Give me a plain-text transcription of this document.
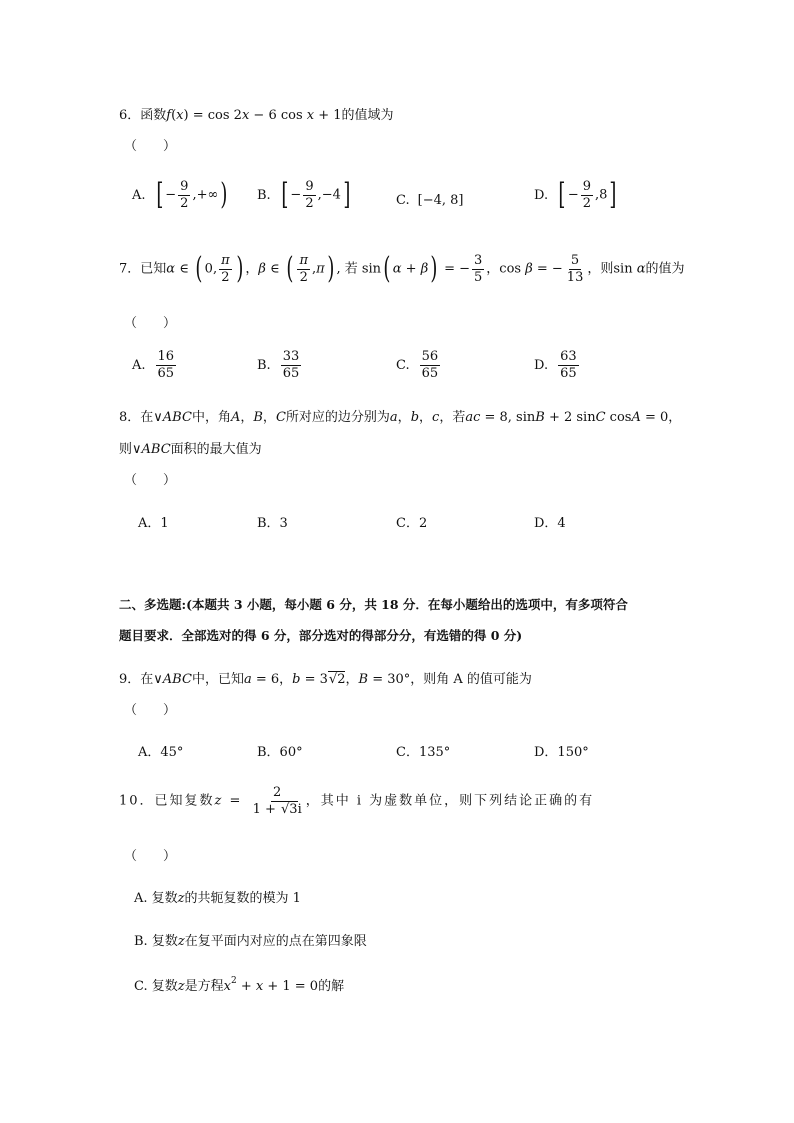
6．函数f(x) = cos 2x − 6 cos x + 1的值域为
（　　）
A. [ − $\frac{9}{2}$ ,+∞) B. [ − $\frac{9}{2} ,-4$]	C. [−4, 8]	D. [ − $\frac{9}{2} ,8$]
7．已知α ∈ ( 0, $\frac{\pi}{2}$ ) ，β ∈ ( $\frac{\pi}{2} ,\pi$) , 若 sin( α + β) = − $\frac{3}{5}$ ，cos β = − $\frac{5}{13}$ ，则sin α的值为
（　　）
A. $\frac{16}{65}$	B. $\frac{33}{65}$	C. $\frac{56}{65}$	D. $\frac{63}{65}$
8．在∨ABC中，角A，B，C所对应的边分别为a，b，c，若ac = 8, sinB + 2 sinC cosA = 0，
则∨ABC面积的最大值为
（　　）
A．1	B．3	C．2	D．4
二、多选题:(本题共 3 小题，每小题 6 分，共 18 分．在每小题给出的选项中，有多项符合
题目要求．全部选对的得 6 分，部分选对的得部分分，有选错的得 0 分)
9．在∨ABC中，已知a = 6，b = 3√2，B = 30°，则角 A 的值可能为
（　　）
A．45°	B．60°	C．135°	D．150°
10．已知复数$z = \frac{2}{1 + √3i}$ ，其中 i 为虚数单位，则下列结论正确的有
（　　）
A. 复数z的共轭复数的模为 1
B. 复数z在复平面内对应的点在第四象限
C. 复数z是方程$x^2 + x + 1 = 0$的解
